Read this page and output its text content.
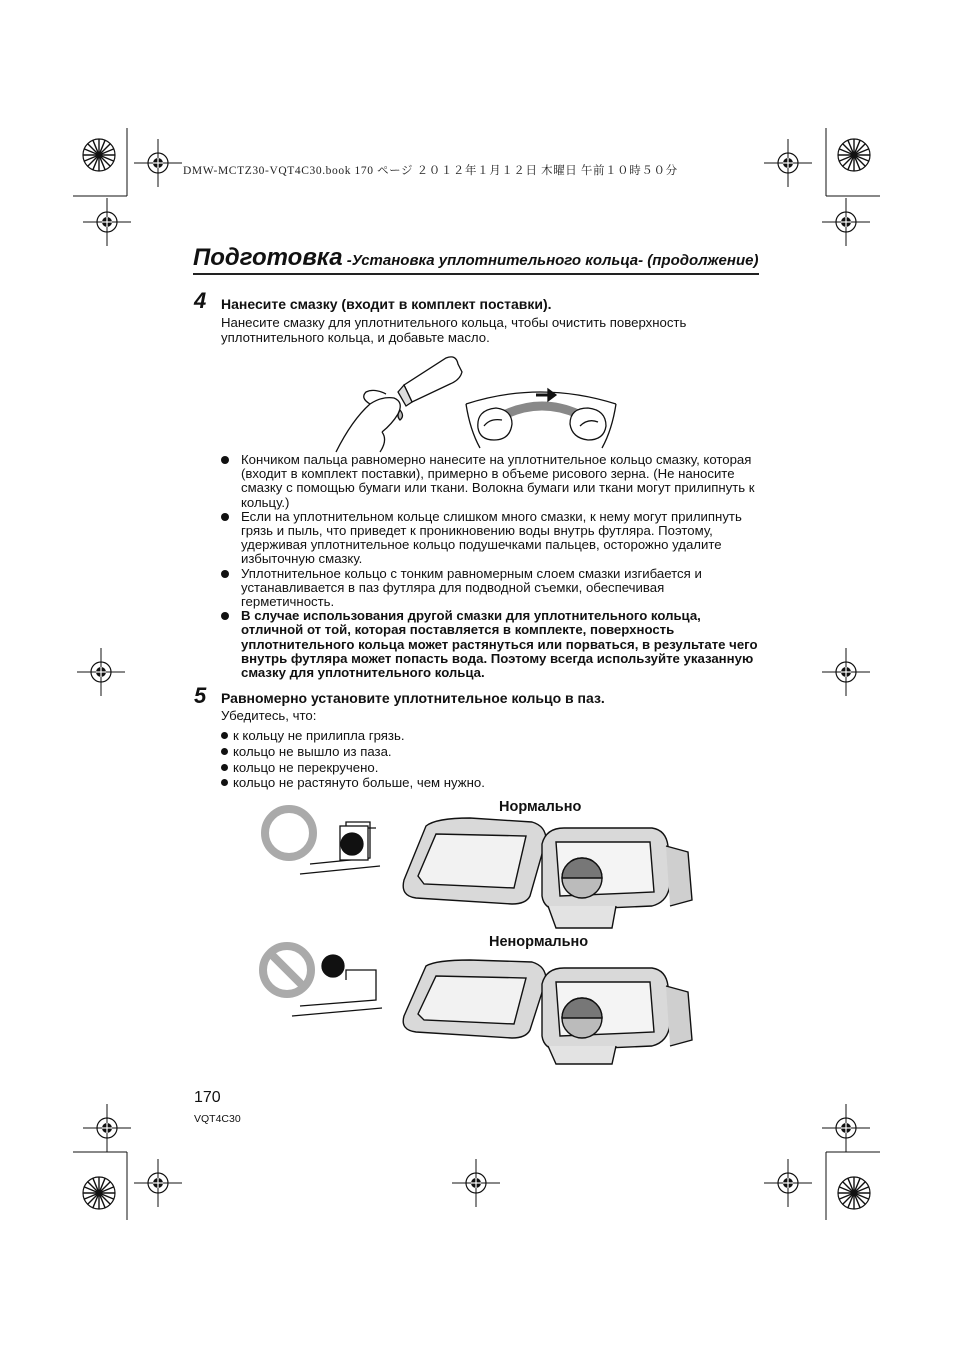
DMW-MCTZ30-VQT4C30.book 170 ページ ２０１２年１月１２日 木曜日 午前１０時５０分
Подготовка -Установка уплотнительного кольца- (продолжение)
4 Нанесите смазку (входит в комплект поставки).
Нанесите смазку для уплотнительного кольца, чтобы очистить поверхность уплотнительного кольца, и добавьте масло.
Кончиком пальца равномерно нанесите на уплотнительное кольцо смазку, которая (входит в комплект поставки), примерно в объеме рисового зерна. (Не наносите смазку с помощью бумаги или ткани. Волокна бумаги или ткани могут прилипнуть к кольцу.)
Если на уплотнительном кольце слишком много смазки, к нему могут прилипнуть грязь и пыль, что приведет к проникновению воды внутрь футляра. Поэтому, удерживая уплотнительное кольцо подушечками пальцев, осторожно удалите избыточную смазку.
Уплотнительное кольцо с тонким равномерным слоем смазки изгибается и устанавливается в паз футляра для подводной съемки, обеспечивая герметичность.
В случае использования другой смазки для уплотнительного кольца, отличной от той, которая поставляется в комплекте, поверхность уплотнительного кольца может растянуться или порваться, в результате чего внутрь футляра может попасть вода. Поэтому всегда используйте указанную смазку для уплотнительного кольца.
5 Равномерно установите уплотнительное кольцо в паз.
Убедитесь, что:
к кольцу не прилипла грязь.
кольцо не вышло из паза.
кольцо не перекручено.
кольцо не растянуто больше, чем нужно.
Нормально
Ненормально
170
VQT4C30
